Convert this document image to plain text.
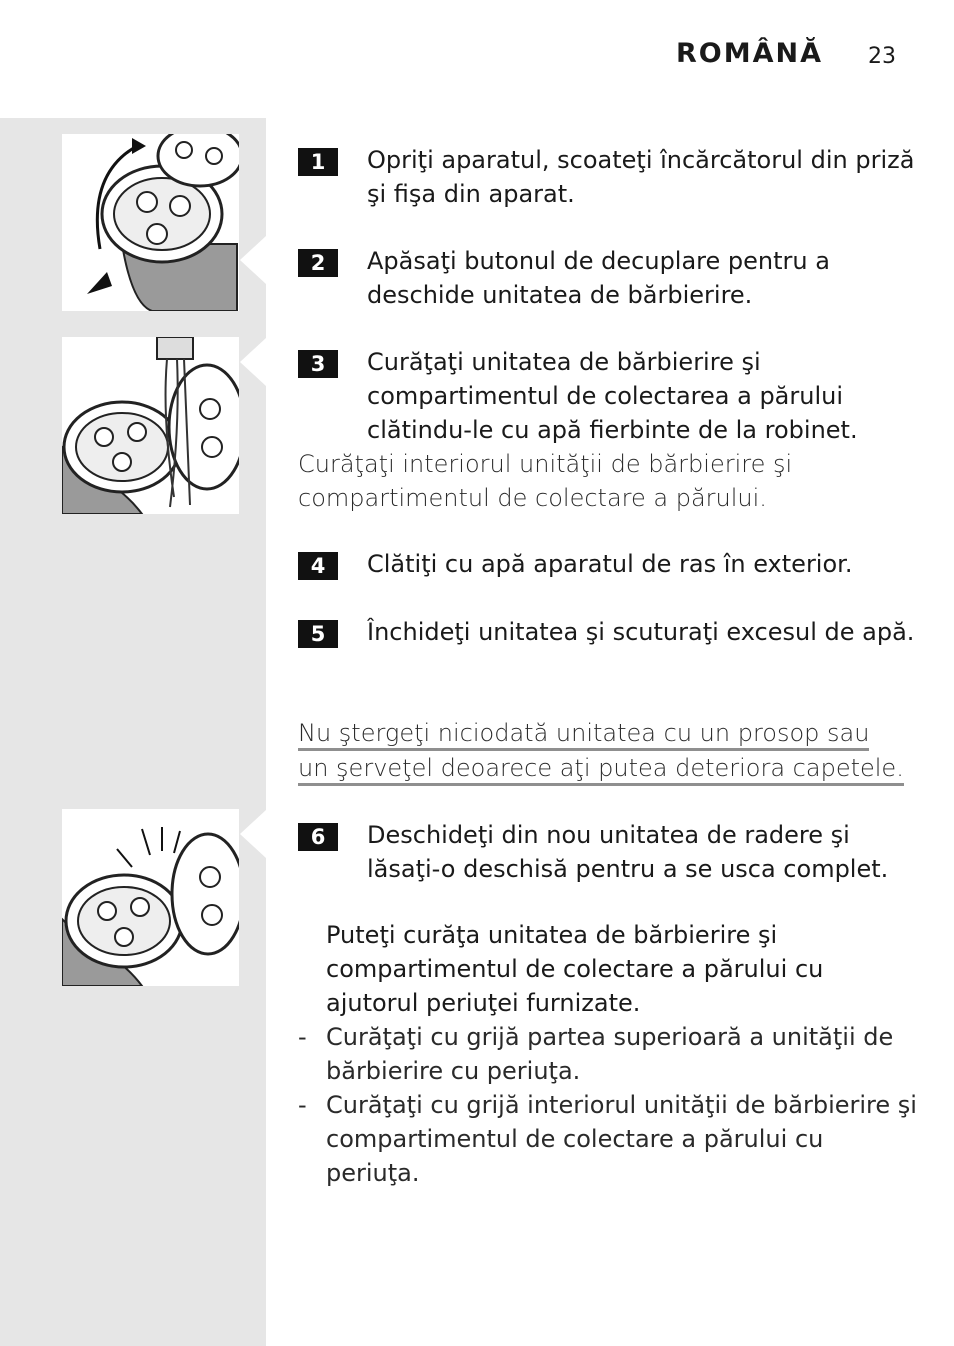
ROMÂNĂ 23
1	Opriţi aparatul, scoateţi încărcătorul din priză şi fişa din aparat.
2	Apăsaţi butonul de decuplare pentru a deschide unitatea de bărbierire.
3	Curăţaţi unitatea de bărbierire şi compartimentul de colectarea a părului clătindu-le cu apă fierbinte de la robinet.
Curăţaţi interiorul unităţii de bărbierire şi compartimentul de colectare a părului.
4	Clătiţi cu apă aparatul de ras în exterior.
5	Închideţi unitatea şi scuturaţi excesul de apă.
Nu ştergeţi niciodată unitatea cu un prosop sau
un şerveţel deoarece aţi putea deteriora capetele.
6	Deschideţi din nou unitatea de radere şi lăsaţi-o deschisă pentru a se usca complet.
Puteţi curăţa unitatea de bărbierire şi compartimentul de colectare a părului cu ajutorul periuţei furnizate.
- Curăţaţi cu grijă partea superioară a unităţii de bărbierire cu periuţa.
- Curăţaţi cu grijă interiorul unităţii de bărbierire şi compartimentul de colectare a părului cu periuţa.
